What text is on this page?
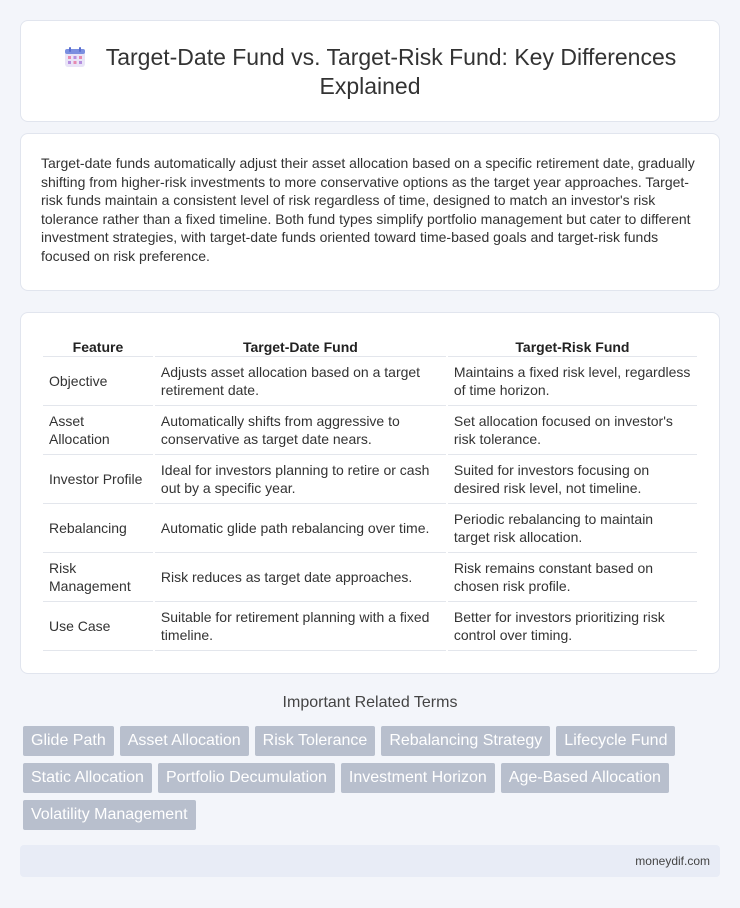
Target-Date Fund vs. Target-Risk Fund: Key Differences Explained

Target-date funds automatically adjust their asset allocation based on a specific retirement date, gradually shifting from higher-risk investments to more conservative options as the target year approaches. Target-risk funds maintain a consistent level of risk regardless of time, designed to match an investor's risk tolerance rather than a fixed timeline. Both fund types simplify portfolio management but cater to different investment strategies, with target-date funds oriented toward time-based goals and target-risk funds focused on risk preference.

Feature	Target-Date Fund	Target-Risk Fund
Objective	Adjusts asset allocation based on a target retirement date.	Maintains a fixed risk level, regardless of time horizon.
Asset Allocation	Automatically shifts from aggressive to conservative as target date nears.	Set allocation focused on investor's risk tolerance.
Investor Profile	Ideal for investors planning to retire or cash out by a specific year.	Suited for investors focusing on desired risk level, not timeline.
Rebalancing	Automatic glide path rebalancing over time.	Periodic rebalancing to maintain target risk allocation.
Risk Management	Risk reduces as target date approaches.	Risk remains constant based on chosen risk profile.
Use Case	Suitable for retirement planning with a fixed timeline.	Better for investors prioritizing risk control over timing.
Important Related Terms
Glide Path	Asset Allocation	Risk Tolerance	Rebalancing Strategy	Lifecycle Fund
Static Allocation	Portfolio Decumulation	Investment Horizon	Age-Based Allocation
Volatility Management
moneydif.com
